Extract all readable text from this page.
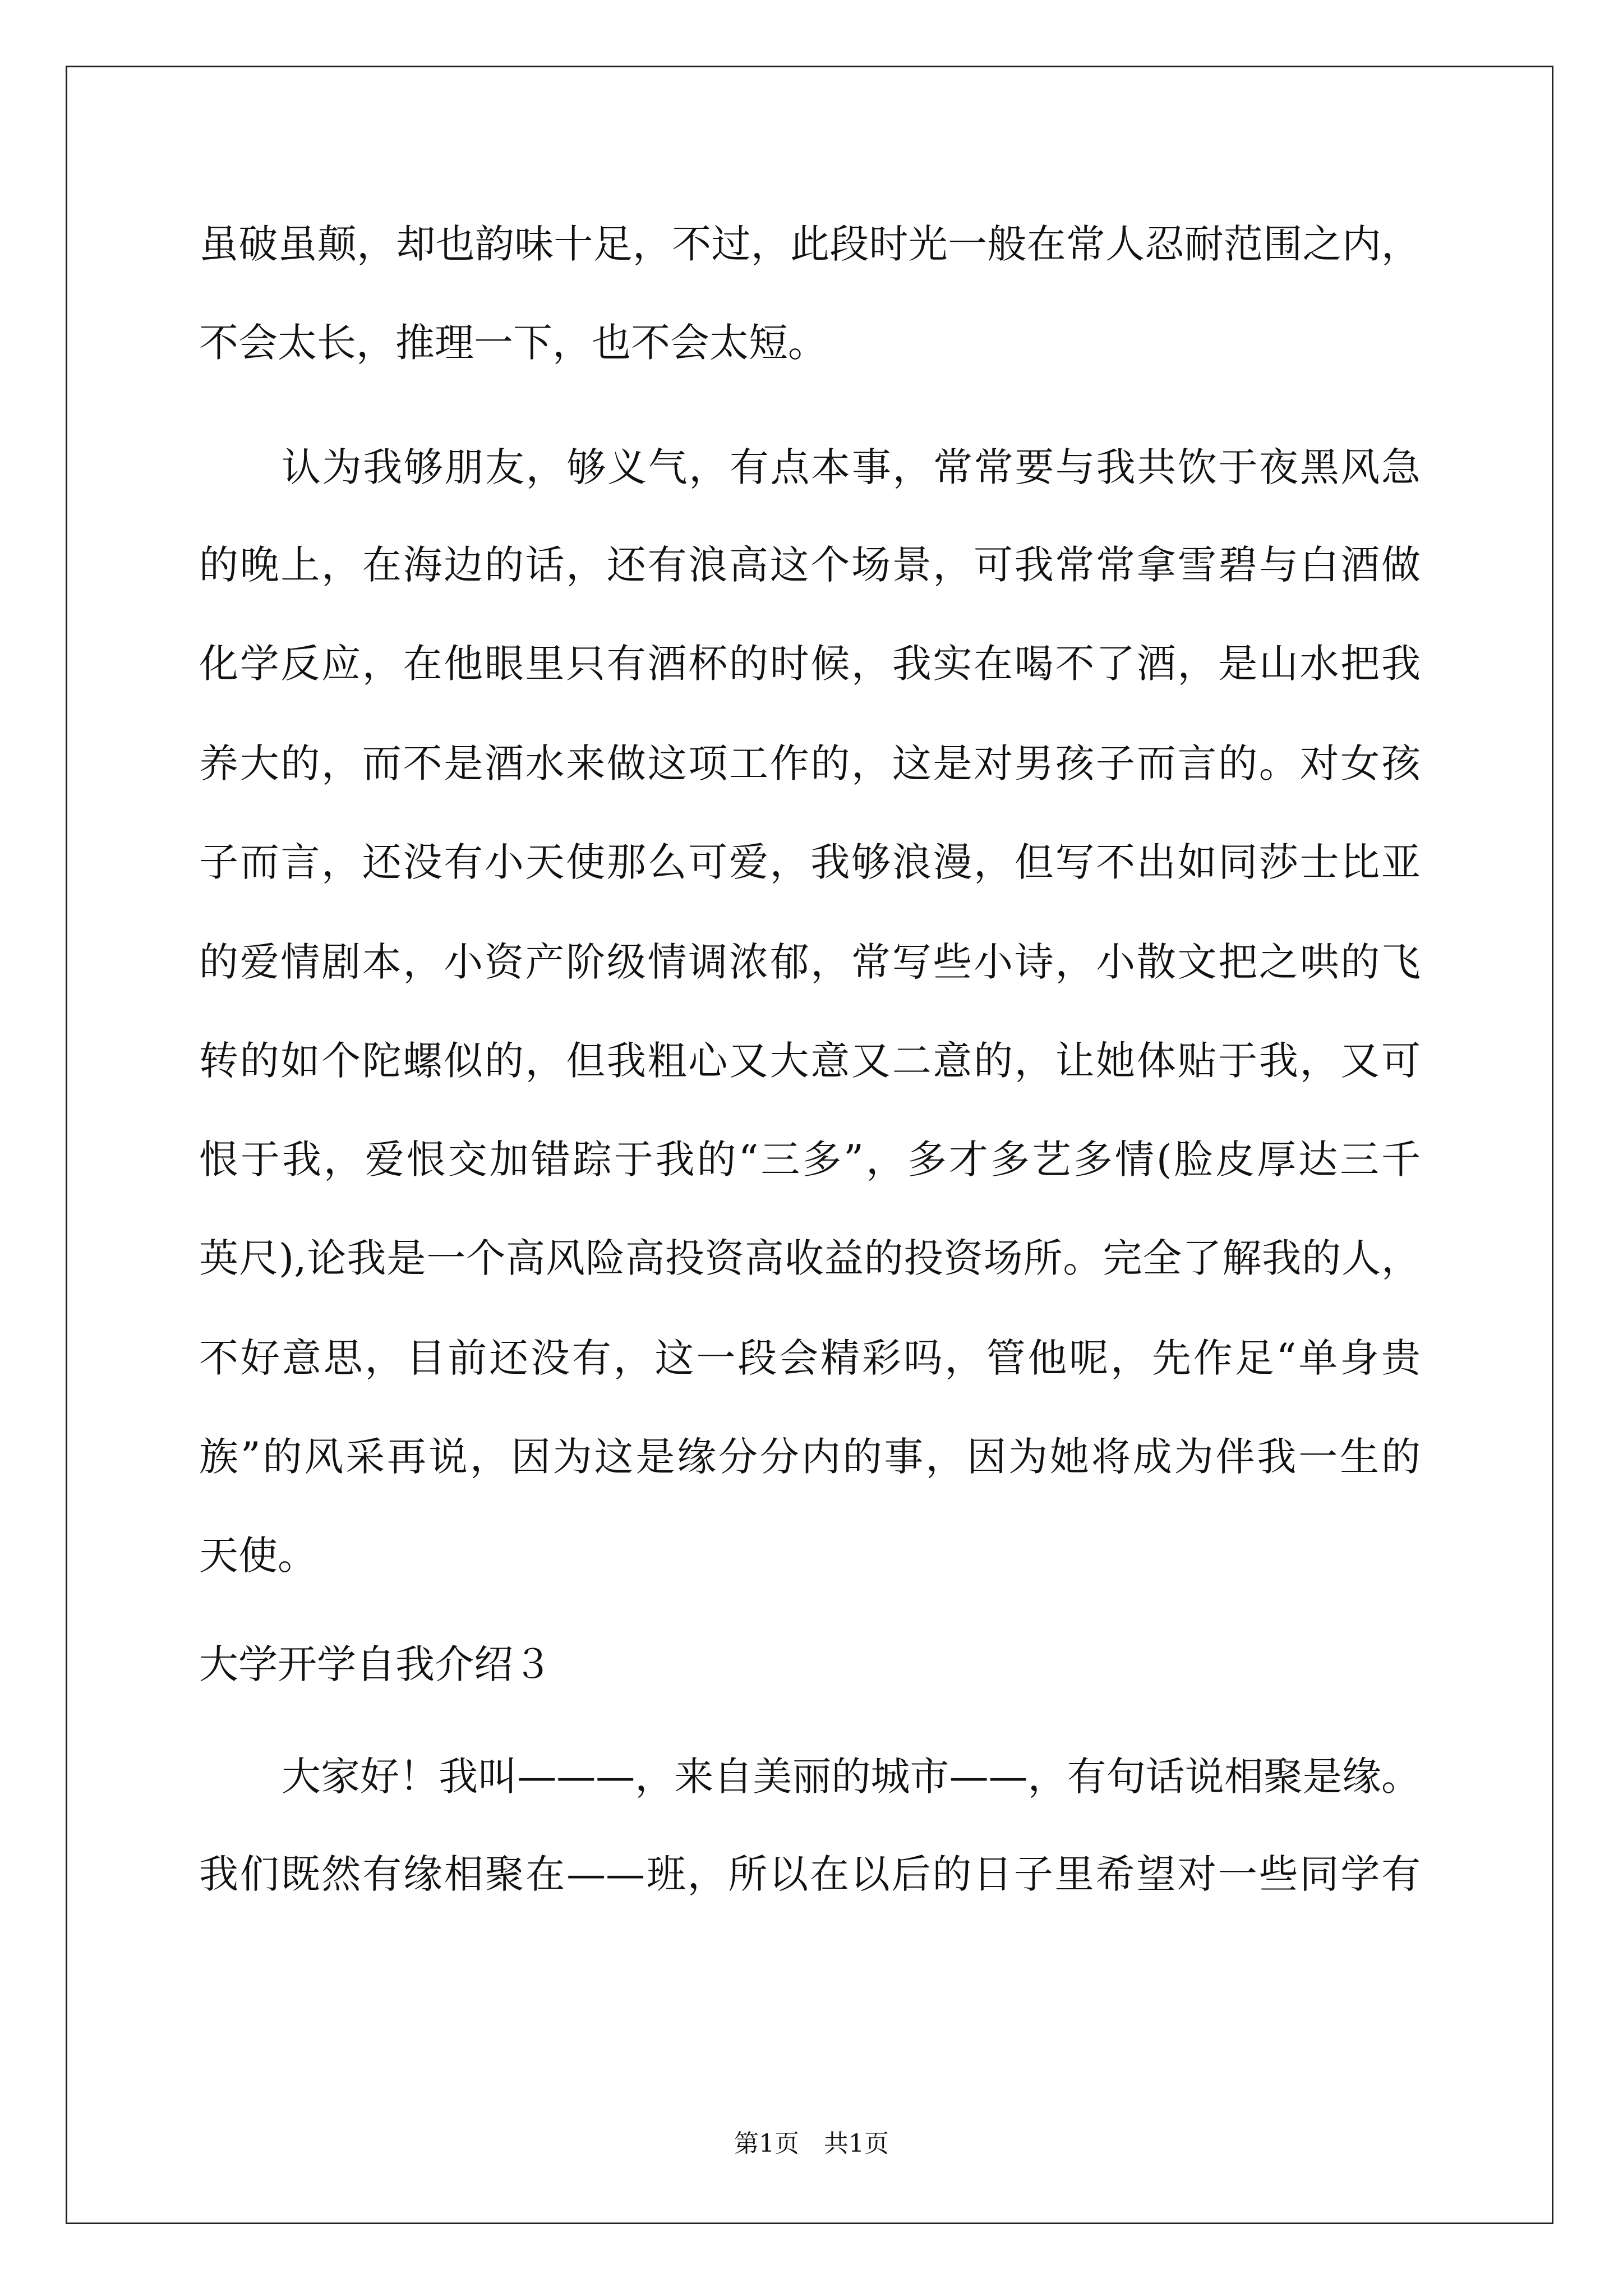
虽破虽颠，却也韵味十足，不过，此段时光一般在常人忍耐范围之内，
不会太长，推理一下，也不会太短。
认为我够朋友，够义气，有点本事，常常要与我共饮于夜黑风急
的晚上，在海边的话，还有浪高这个场景，可我常常拿雪碧与白酒做
化学反应，在他眼里只有酒杯的时候，我实在喝不了酒，是山水把我
养大的，而不是酒水来做这项工作的，这是对男孩子而言的。对女孩
子而言，还没有小天使那么可爱，我够浪漫，但写不出如同莎士比亚
的爱情剧本，小资产阶级情调浓郁，常写些小诗，小散文把之哄的飞
转的如个陀螺似的，但我粗心又大意又二意的，让她体贴于我，又可
恨于我，爱恨交加错踪于我的“三多”，多才多艺多情(脸皮厚达三千
英尺),论我是一个高风险高投资高收益的投资场所。完全了解我的人，
不好意思，目前还没有，这一段会精彩吗，管他呢，先作足“单身贵
族”的风采再说，因为这是缘分分内的事，因为她将成为伴我一生的
天使。
大学开学自我介绍３
大家好！我叫———，来自美丽的城市——，有句话说相聚是缘。
我们既然有缘相聚在——班，所以在以后的日子里希望对一些同学有
第1页　共1页
